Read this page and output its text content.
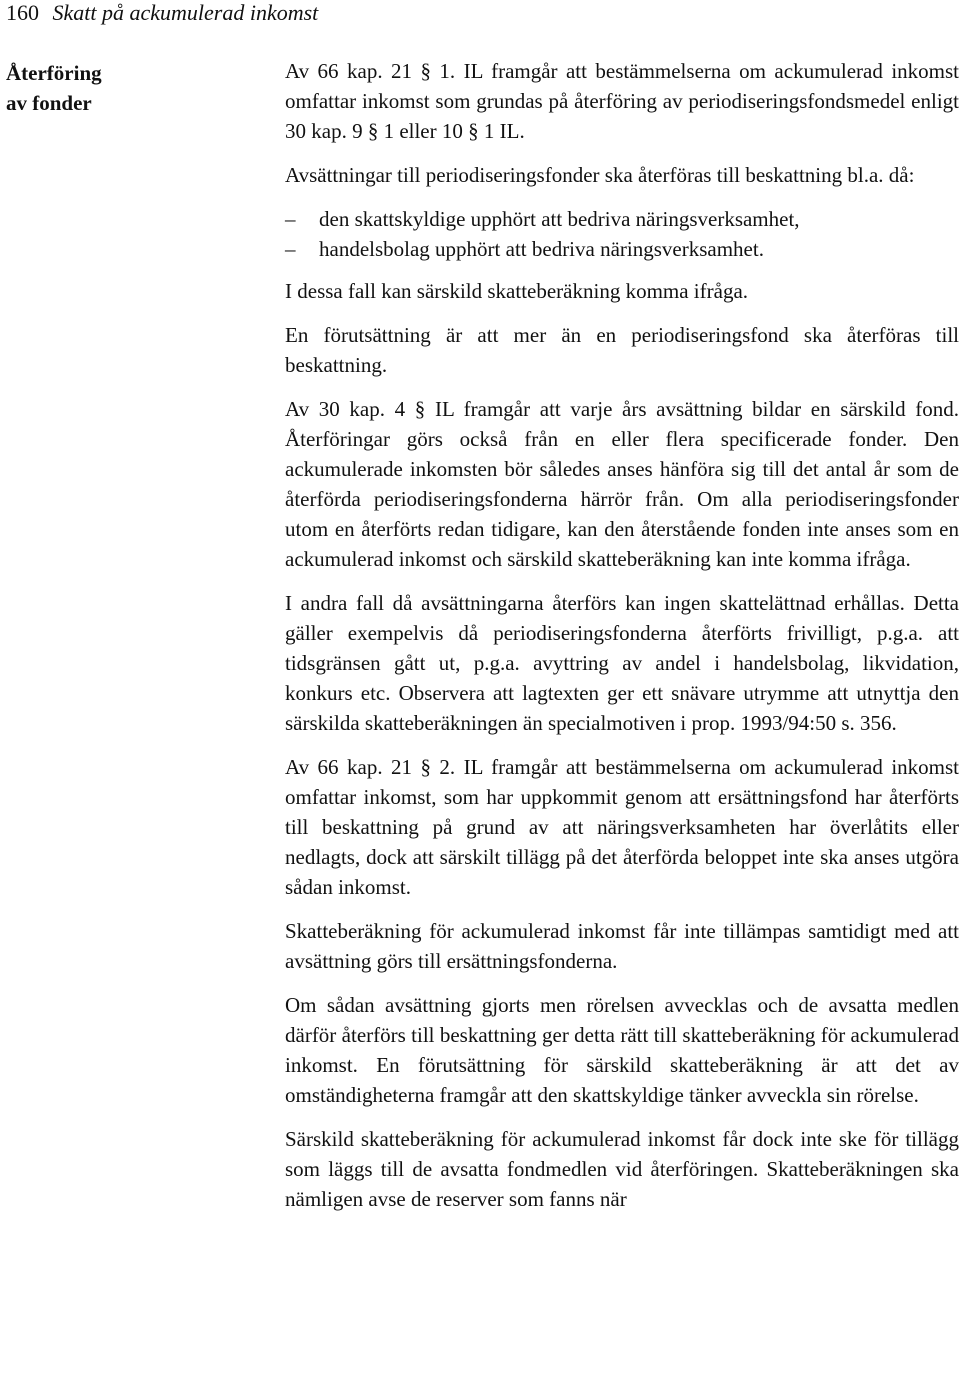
160 Skatt på ackumulerad inkomst
Återföring
av fonder

Av 66 kap. 21 § 1. IL framgår att bestämmelserna om ackumulerad inkomst omfattar inkomst som grundas på återföring av periodiseringsfondsmedel enligt 30 kap. 9 § 1 eller 10 § 1 IL.

Avsättningar till periodiseringsfonder ska återföras till beskattning bl.a. då:

–	den skattskyldige upphört att bedriva näringsverksamhet,
–	handelsbolag upphört att bedriva näringsverksamhet.

I dessa fall kan särskild skatteberäkning komma ifråga.

En förutsättning är att mer än en periodiseringsfond ska återföras till beskattning.

Av 30 kap. 4 § IL framgår att varje års avsättning bildar en särskild fond. Återföringar görs också från en eller flera specificerade fonder. Den ackumulerade inkomsten bör således anses hänföra sig till det antal år som de återförda periodiseringsfonderna härrör från. Om alla periodiseringsfonder utom en återförts redan tidigare, kan den återstående fonden inte anses som en ackumulerad inkomst och särskild skatteberäkning kan inte komma ifråga.

I andra fall då avsättningarna återförs kan ingen skattelättnad erhållas. Detta gäller exempelvis då periodiseringsfonderna återförts frivilligt, p.g.a. att tidsgränsen gått ut, p.g.a. avyttring av andel i handelsbolag, likvidation, konkurs etc. Observera att lagtexten ger ett snävare utrymme att utnyttja den särskilda skatteberäkningen än specialmotiven i prop. 1993/94:50 s. 356.

Av 66 kap. 21 § 2. IL framgår att bestämmelserna om ackumulerad inkomst omfattar inkomst, som har uppkommit genom att ersättningsfond har återförts till beskattning på grund av att näringsverksamheten har överlåtits eller nedlagts, dock att särskilt tillägg på det återförda beloppet inte ska anses utgöra sådan inkomst.

Skatteberäkning för ackumulerad inkomst får inte tillämpas samtidigt med att avsättning görs till ersättningsfonderna.

Om sådan avsättning gjorts men rörelsen avvecklas och de avsatta medlen därför återförs till beskattning ger detta rätt till skatteberäkning för ackumulerad inkomst. En förutsättning för särskild skatteberäkning är att det av omständigheterna framgår att den skattskyldige tänker avveckla sin rörelse.

Särskild skatteberäkning för ackumulerad inkomst får dock inte ske för tillägg som läggs till de avsatta fondmedlen vid återföringen. Skatteberäkningen ska nämligen avse de reserver som fanns när
